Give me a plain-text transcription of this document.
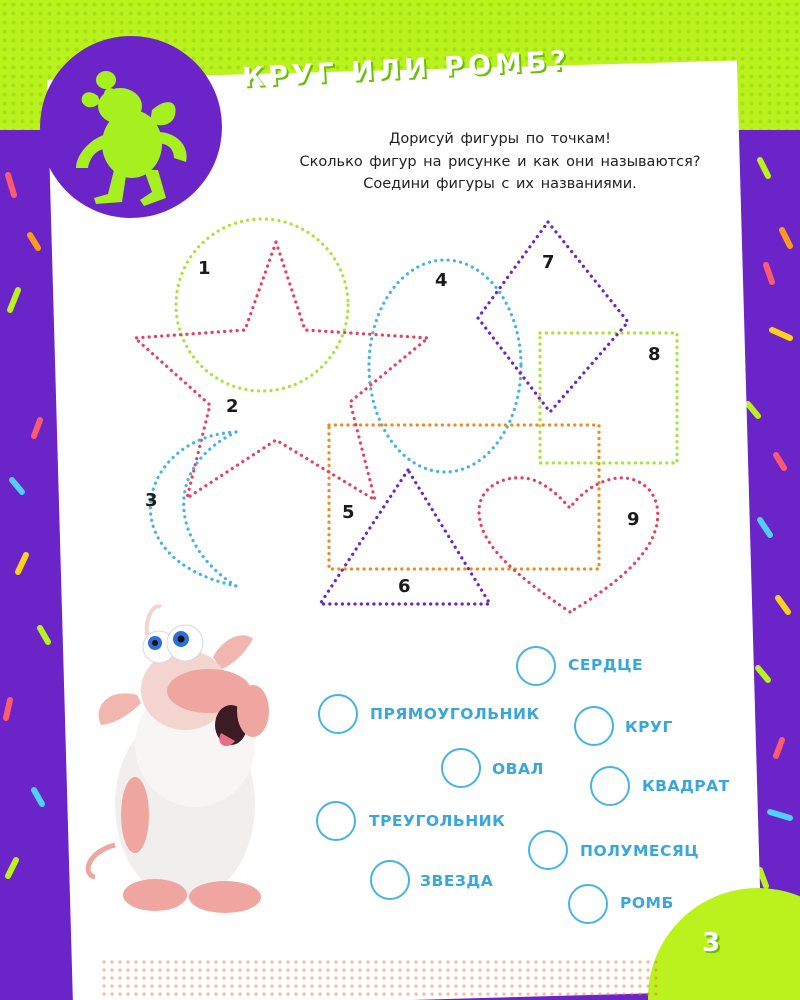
КРУГ ИЛИ РОМБ?
Дорисуй фигуры по точкам!
Сколько фигур на рисунке и как они называются?
Соедини фигуры с их названиями.
1
2
3
4
5
6
7
8
9
СЕРДЦЕ
ПРЯМОУГОЛЬНИК
КРУГ
ОВАЛ
КВАДРАТ
ТРЕУГОЛЬНИК
ПОЛУМЕСЯЦ
ЗВЕЗДА
РОМБ
3
